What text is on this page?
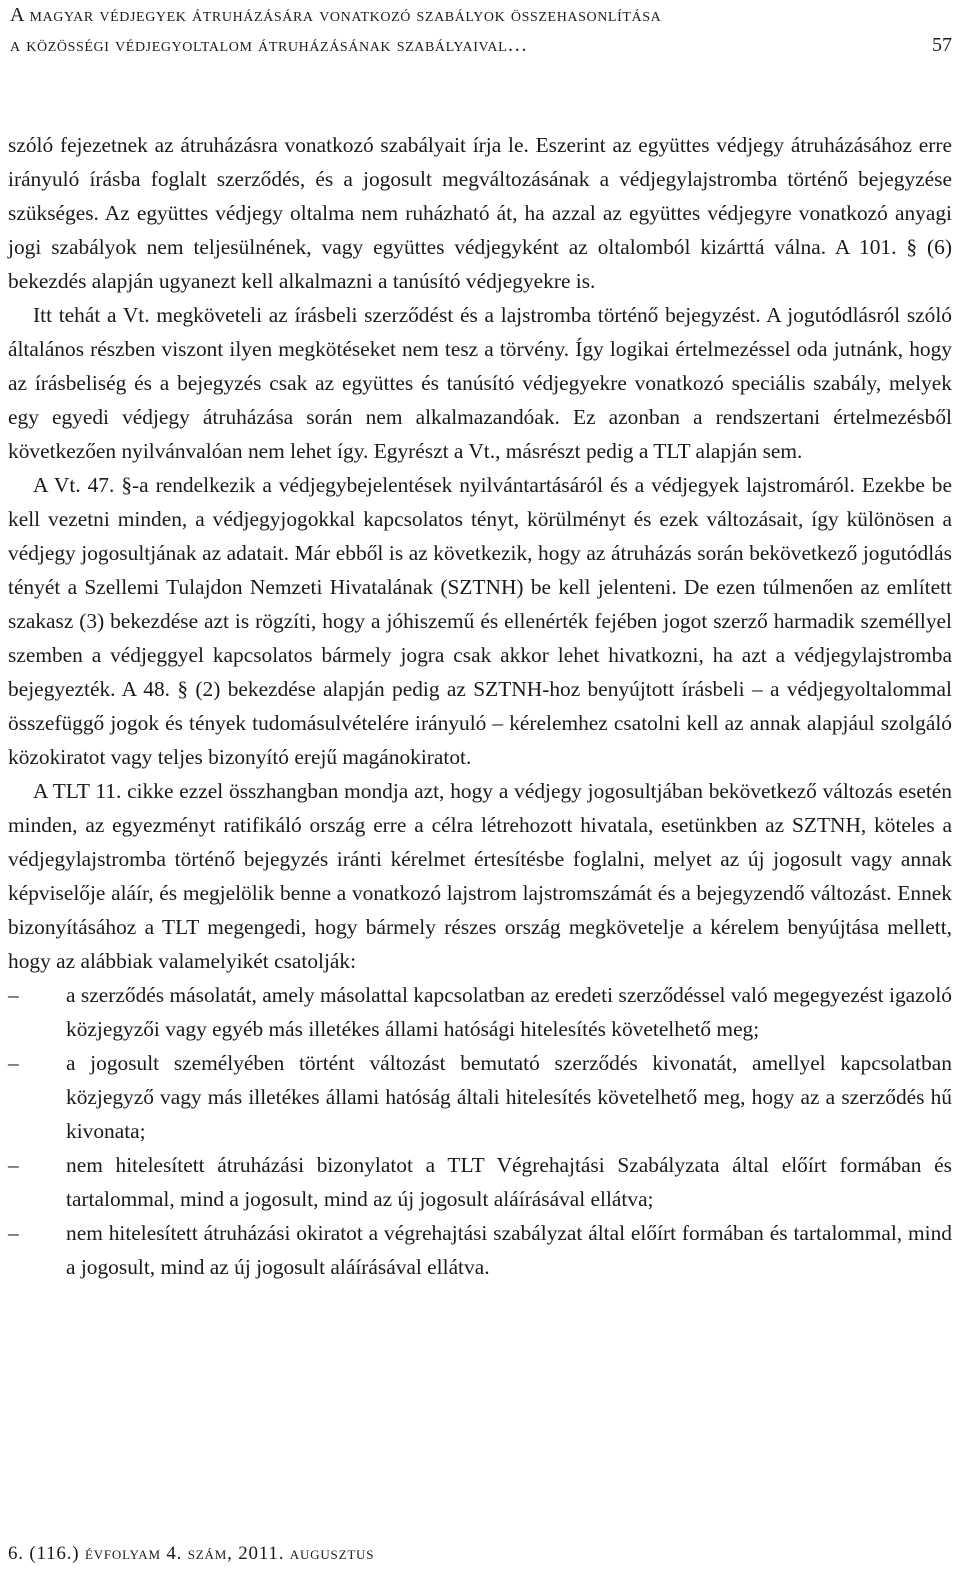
A magyar védjegyek átruházására vonatkozó szabályok összehasonlítása
a közösségi védjegyoltalom átruházásának szabályaival…	57

szóló fejezetnek az átruházásra vonatkozó szabályait írja le. Eszerint az együttes védjegy átruházásához erre irányuló írásba foglalt szerződés, és a jogosult megváltozásának a védjegylajstromba történő bejegyzése szükséges. Az együttes védjegy oltalma nem ruházható át, ha azzal az együttes védjegyre vonatkozó anyagi jogi szabályok nem teljesülnének, vagy együttes védjegyként az oltalomból kizárttá válna. A 101. § (6) bekezdés alapján ugyanezt kell alkalmazni a tanúsító védjegyekre is.

Itt tehát a Vt. megköveteli az írásbeli szerződést és a lajstromba történő bejegyzést. A jogutódlásról szóló általános részben viszont ilyen megkötéseket nem tesz a törvény. Így logikai értelmezéssel oda jutnánk, hogy az írásbeliség és a bejegyzés csak az együttes és tanúsító védjegyekre vonatkozó speciális szabály, melyek egy egyedi védjegy átruházása során nem alkalmazandóak. Ez azonban a rendszertani értelmezésből következően nyilvánvalóan nem lehet így. Egyrészt a Vt., másrészt pedig a TLT alapján sem.

A Vt. 47. §-a rendelkezik a védjegybejelentések nyilvántartásáról és a védjegyek lajstromáról. Ezekbe be kell vezetni minden, a védjegyjogokkal kapcsolatos tényt, körülményt és ezek változásait, így különösen a védjegy jogosultjának az adatait. Már ebből is az következik, hogy az átruházás során bekövetkező jogutódlás tényét a Szellemi Tulajdon Nemzeti Hivatalának (SZTNH) be kell jelenteni. De ezen túlmenően az említett szakasz (3) bekezdése azt is rögzíti, hogy a jóhiszemű és ellenérték fejében jogot szerző harmadik személlyel szemben a védjeggyel kapcsolatos bármely jogra csak akkor lehet hivatkozni, ha azt a védjegylajstromba bejegyezték. A 48. § (2) bekezdése alapján pedig az SZTNH-hoz benyújtott írásbeli – a védjegyoltalommal összefüggő jogok és tények tudomásulvételére irányuló – kérelemhez csatolni kell az annak alapjául szolgáló közokiratot vagy teljes bizonyító erejű magánokiratot.

A TLT 11. cikke ezzel összhangban mondja azt, hogy a védjegy jogosultjában bekövetkező változás esetén minden, az egyezményt ratifikáló ország erre a célra létrehozott hivatala, esetünkben az SZTNH, köteles a védjegylajstromba történő bejegyzés iránti kérelmet értesítésbe foglalni, melyet az új jogosult vagy annak képviselője aláír, és megjelölik benne a vonatkozó lajstrom lajstromszámát és a bejegyzendő változást. Ennek bizonyításához a TLT megengedi, hogy bármely részes ország megkövetelje a kérelem benyújtása mellett, hogy az alábbiak valamelyikét csatolják:

– a szerződés másolatát, amely másolattal kapcsolatban az eredeti szerződéssel való megegyezést igazoló közjegyzői vagy egyéb más illetékes állami hatósági hitelesítés követelhető meg;
– a jogosult személyében történt változást bemutató szerződés kivonatát, amellyel kapcsolatban közjegyző vagy más illetékes állami hatóság általi hitelesítés követelhető meg, hogy az a szerződés hű kivonata;
– nem hitelesített átruházási bizonylatot a TLT Végrehajtási Szabályzata által előírt formában és tartalommal, mind a jogosult, mind az új jogosult aláírásával ellátva;
– nem hitelesített átruházási okiratot a végrehajtási szabályzat által előírt formában és tartalommal, mind a jogosult, mind az új jogosult aláírásával ellátva.
6. (116.) évfolyam 4. szám, 2011. augusztus
